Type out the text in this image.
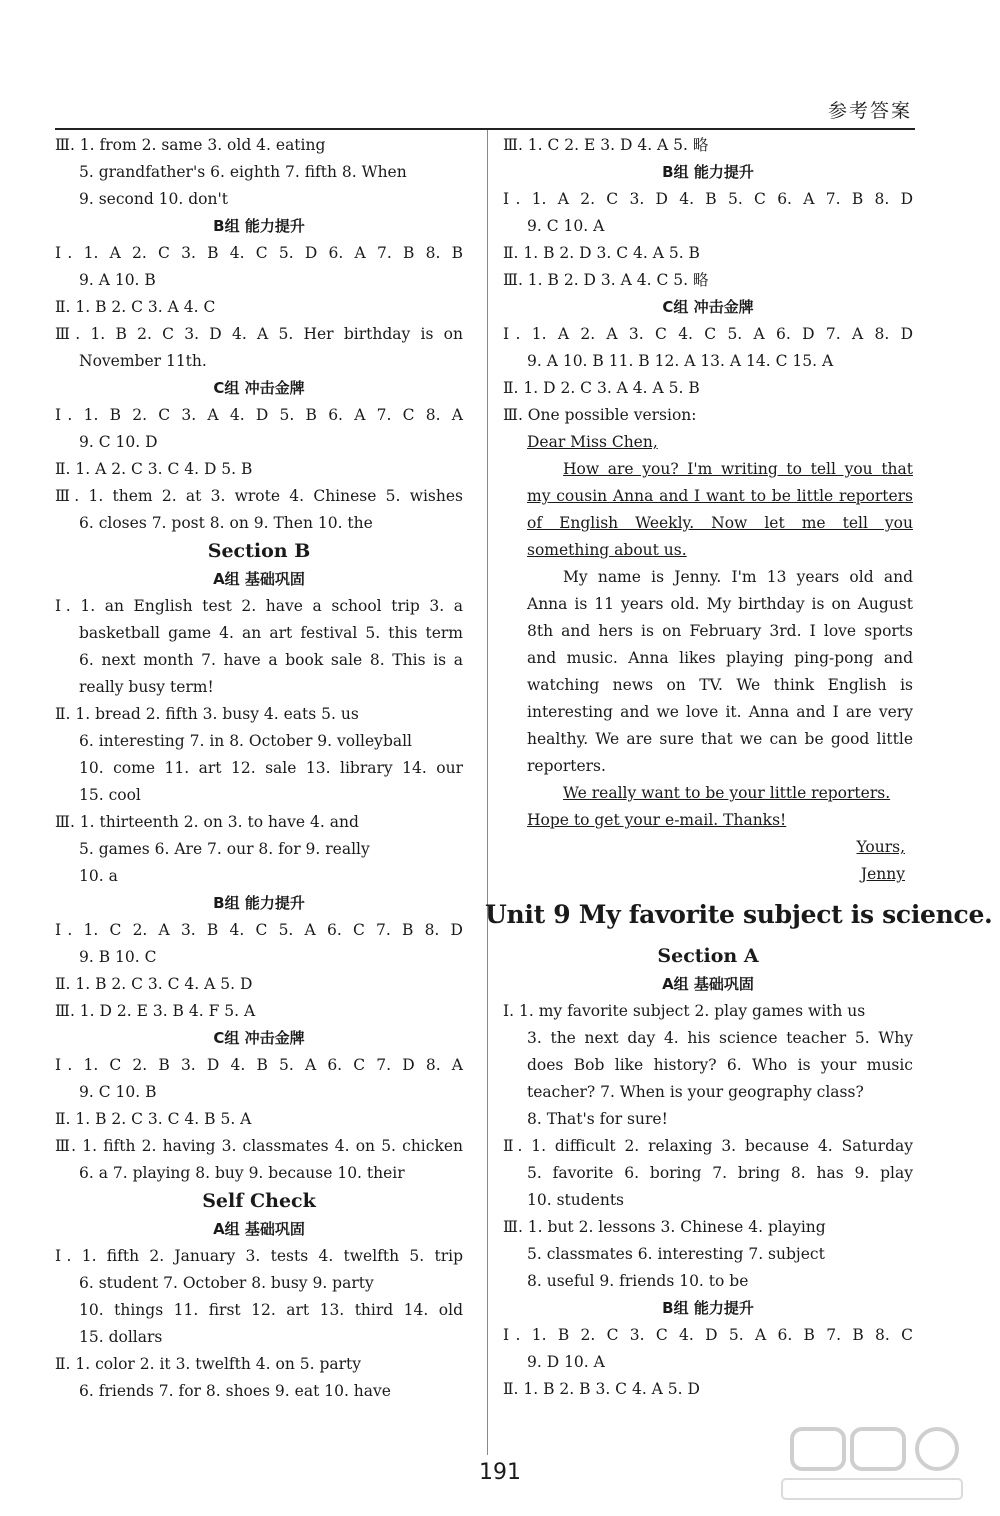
参考答案
Ⅲ. 1. from 2. same 3. old 4. eating
5. grandfather's 6. eighth 7. fifth 8. When
9. second 10. don't
B组 能力提升
Ⅰ. 1. A 2. C 3. B 4. C 5. D 6. A 7. B 8. B
9. A 10. B
Ⅱ. 1. B 2. C 3. A 4. C
Ⅲ. 1. B 2. C 3. D 4. A 5. Her birthday is on
November 11th.
C组 冲击金牌
Ⅰ. 1. B 2. C 3. A 4. D 5. B 6. A 7. C 8. A
9. C 10. D
Ⅱ. 1. A 2. C 3. C 4. D 5. B
Ⅲ. 1. them 2. at 3. wrote 4. Chinese 5. wishes
6. closes 7. post 8. on 9. Then 10. the
Section B
A组 基础巩固
Ⅰ. 1. an English test 2. have a school trip 3. a
basketball game 4. an art festival 5. this term
6. next month 7. have a book sale 8. This is a
really busy term!
Ⅱ. 1. bread 2. fifth 3. busy 4. eats 5. us
6. interesting 7. in 8. October 9. volleyball
10. come 11. art 12. sale 13. library 14. our
15. cool
Ⅲ. 1. thirteenth 2. on 3. to have 4. and
5. games 6. Are 7. our 8. for 9. really
10. a
B组 能力提升
Ⅰ. 1. C 2. A 3. B 4. C 5. A 6. C 7. B 8. D
9. B 10. C
Ⅱ. 1. B 2. C 3. C 4. A 5. D
Ⅲ. 1. D 2. E 3. B 4. F 5. A
C组 冲击金牌
Ⅰ. 1. C 2. B 3. D 4. B 5. A 6. C 7. D 8. A
9. C 10. B
Ⅱ. 1. B 2. C 3. C 4. B 5. A
Ⅲ. 1. fifth 2. having 3. classmates 4. on 5. chicken
6. a 7. playing 8. buy 9. because 10. their
Self Check
A组 基础巩固
Ⅰ. 1. fifth 2. January 3. tests 4. twelfth 5. trip
6. student 7. October 8. busy 9. party
10. things 11. first 12. art 13. third 14. old
15. dollars
Ⅱ. 1. color 2. it 3. twelfth 4. on 5. party
6. friends 7. for 8. shoes 9. eat 10. have
Ⅲ. 1. C 2. E 3. D 4. A 5. 略
B组 能力提升
Ⅰ. 1. A 2. C 3. D 4. B 5. C 6. A 7. B 8. D
9. C 10. A
Ⅱ. 1. B 2. D 3. C 4. A 5. B
Ⅲ. 1. B 2. D 3. A 4. C 5. 略
C组 冲击金牌
Ⅰ. 1. A 2. A 3. C 4. C 5. A 6. D 7. A 8. D
9. A 10. B 11. B 12. A 13. A 14. C 15. A
Ⅱ. 1. D 2. C 3. A 4. A 5. B
Ⅲ. One possible version:
Dear Miss Chen,
How are you? I'm writing to tell you that
my cousin Anna and I want to be little reporters
of English Weekly. Now let me tell you
something about us.
My name is Jenny. I'm 13 years old and
Anna is 11 years old. My birthday is on August
8th and hers is on February 3rd. I love sports
and music. Anna likes playing ping-pong and
watching news on TV. We think English is
interesting and we love it. Anna and I are very
healthy. We are sure that we can be good little
reporters.
We really want to be your little reporters.
Hope to get your e-mail. Thanks!
Yours,
Jenny
Unit 9 My favorite subject is science.
Section A
A组 基础巩固
Ⅰ. 1. my favorite subject 2. play games with us
3. the next day 4. his science teacher 5. Why
does Bob like history? 6. Who is your music
teacher? 7. When is your geography class?
8. That's for sure!
Ⅱ. 1. difficult 2. relaxing 3. because 4. Saturday
5. favorite 6. boring 7. bring 8. has 9. play
10. students
Ⅲ. 1. but 2. lessons 3. Chinese 4. playing
5. classmates 6. interesting 7. subject
8. useful 9. friends 10. to be
B组 能力提升
Ⅰ. 1. B 2. C 3. C 4. D 5. A 6. B 7. B 8. C
9. D 10. A
Ⅱ. 1. B 2. B 3. C 4. A 5. D
191
